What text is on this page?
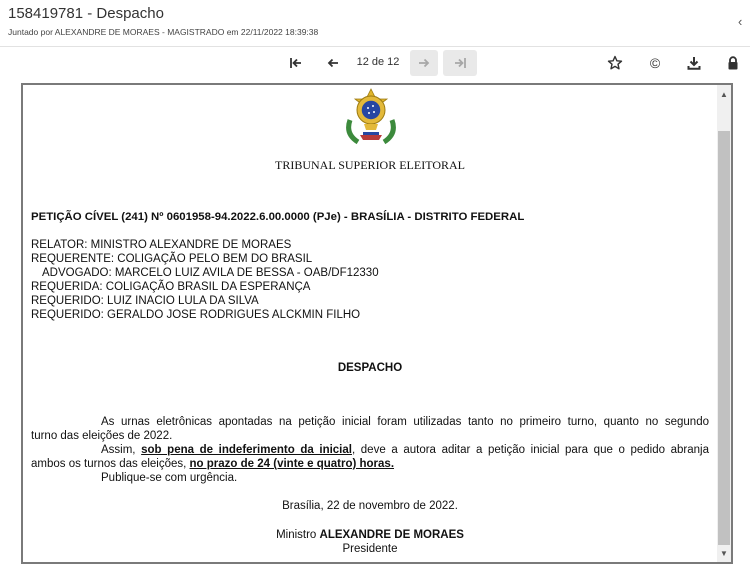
158419781 - Despacho
Juntado por ALEXANDRE DE MORAES - MAGISTRADO em 22/11/2022 18:39:38
‹
12 de 12	©
TRIBUNAL SUPERIOR ELEITORAL
PETIÇÃO CÍVEL (241) Nº 0601958-94.2022.6.00.0000 (PJe) - BRASÍLIA - DISTRITO FEDERAL
RELATOR: MINISTRO ALEXANDRE DE MORAES
REQUERENTE: COLIGAÇÃO PELO BEM DO BRASIL
ADVOGADO: MARCELO LUIZ AVILA DE BESSA - OAB/DF12330
REQUERIDA: COLIGAÇÃO BRASIL DA ESPERANÇA
REQUERIDO: LUIZ INACIO LULA DA SILVA
REQUERIDO: GERALDO JOSE RODRIGUES ALCKMIN FILHO
DESPACHO
As urnas eletrônicas apontadas na petição inicial foram utilizadas tanto no primeiro turno, quanto no segundo
turno das eleições de 2022.
Assim, sob pena de indeferimento da inicial, deve a autora aditar a petição inicial para que o pedido abranja
ambos os turnos das eleições, no prazo de 24 (vinte e quatro) horas.
Publique-se com urgência.
Brasília, 22 de novembro de 2022.
Ministro ALEXANDRE DE MORAES
Presidente
▲
▼
